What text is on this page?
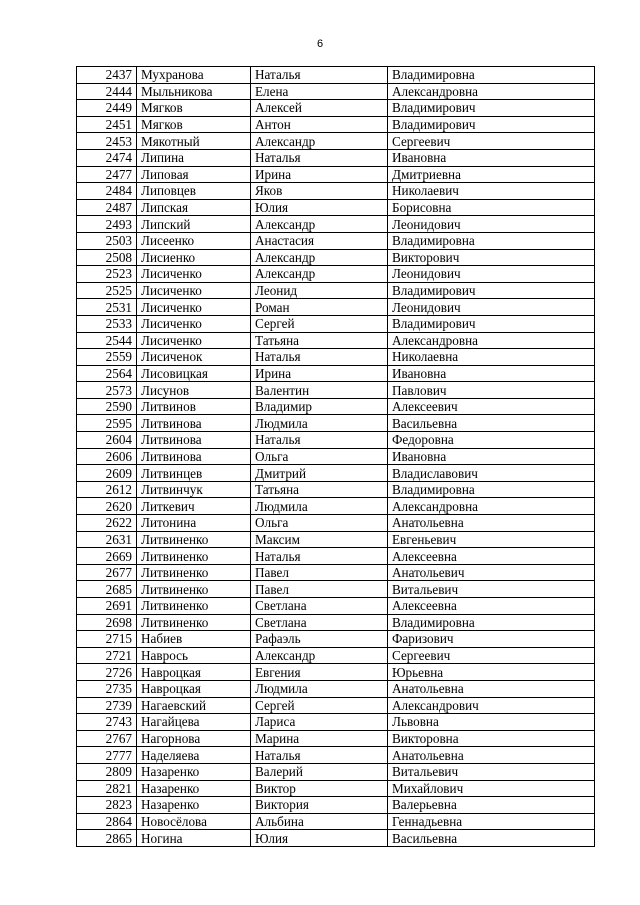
6
2437	Мухранова	Наталья	Владимировна
2444	Мыльникова	Елена	Александровна
2449	Мягков	Алексей	Владимирович
2451	Мягков	Антон	Владимирович
2453	Мякотный	Александр	Сергеевич
2474	Липина	Наталья	Ивановна
2477	Липовая	Ирина	Дмитриевна
2484	Липовцев	Яков	Николаевич
2487	Липская	Юлия	Борисовна
2493	Липский	Александр	Леонидович
2503	Лисеенко	Анастасия	Владимировна
2508	Лисиенко	Александр	Викторович
2523	Лисиченко	Александр	Леонидович
2525	Лисиченко	Леонид	Владимирович
2531	Лисиченко	Роман	Леонидович
2533	Лисиченко	Сергей	Владимирович
2544	Лисиченко	Татьяна	Александровна
2559	Лисиченок	Наталья	Николаевна
2564	Лисовицкая	Ирина	Ивановна
2573	Лисунов	Валентин	Павлович
2590	Литвинов	Владимир	Алексеевич
2595	Литвинова	Людмила	Васильевна
2604	Литвинова	Наталья	Федоровна
2606	Литвинова	Ольга	Ивановна
2609	Литвинцев	Дмитрий	Владиславович
2612	Литвинчук	Татьяна	Владимировна
2620	Литкевич	Людмила	Александровна
2622	Литонина	Ольга	Анатольевна
2631	Литвиненко	Максим	Евгеньевич
2669	Литвиненко	Наталья	Алексеевна
2677	Литвиненко	Павел	Анатольевич
2685	Литвиненко	Павел	Витальевич
2691	Литвиненко	Светлана	Алексеевна
2698	Литвиненко	Светлана	Владимировна
2715	Набиев	Рафаэль	Фаризович
2721	Наврось	Александр	Сергеевич
2726	Навроцкая	Евгения	Юрьевна
2735	Навроцкая	Людмила	Анатольевна
2739	Нагаевский	Сергей	Александрович
2743	Нагайцева	Лариса	Львовна
2767	Нагорнова	Марина	Викторовна
2777	Наделяева	Наталья	Анатольевна
2809	Назаренко	Валерий	Витальевич
2821	Назаренко	Виктор	Михайлович
2823	Назаренко	Виктория	Валерьевна
2864	Новосёлова	Альбина	Геннадьевна
2865	Ногина	Юлия	Васильевна
